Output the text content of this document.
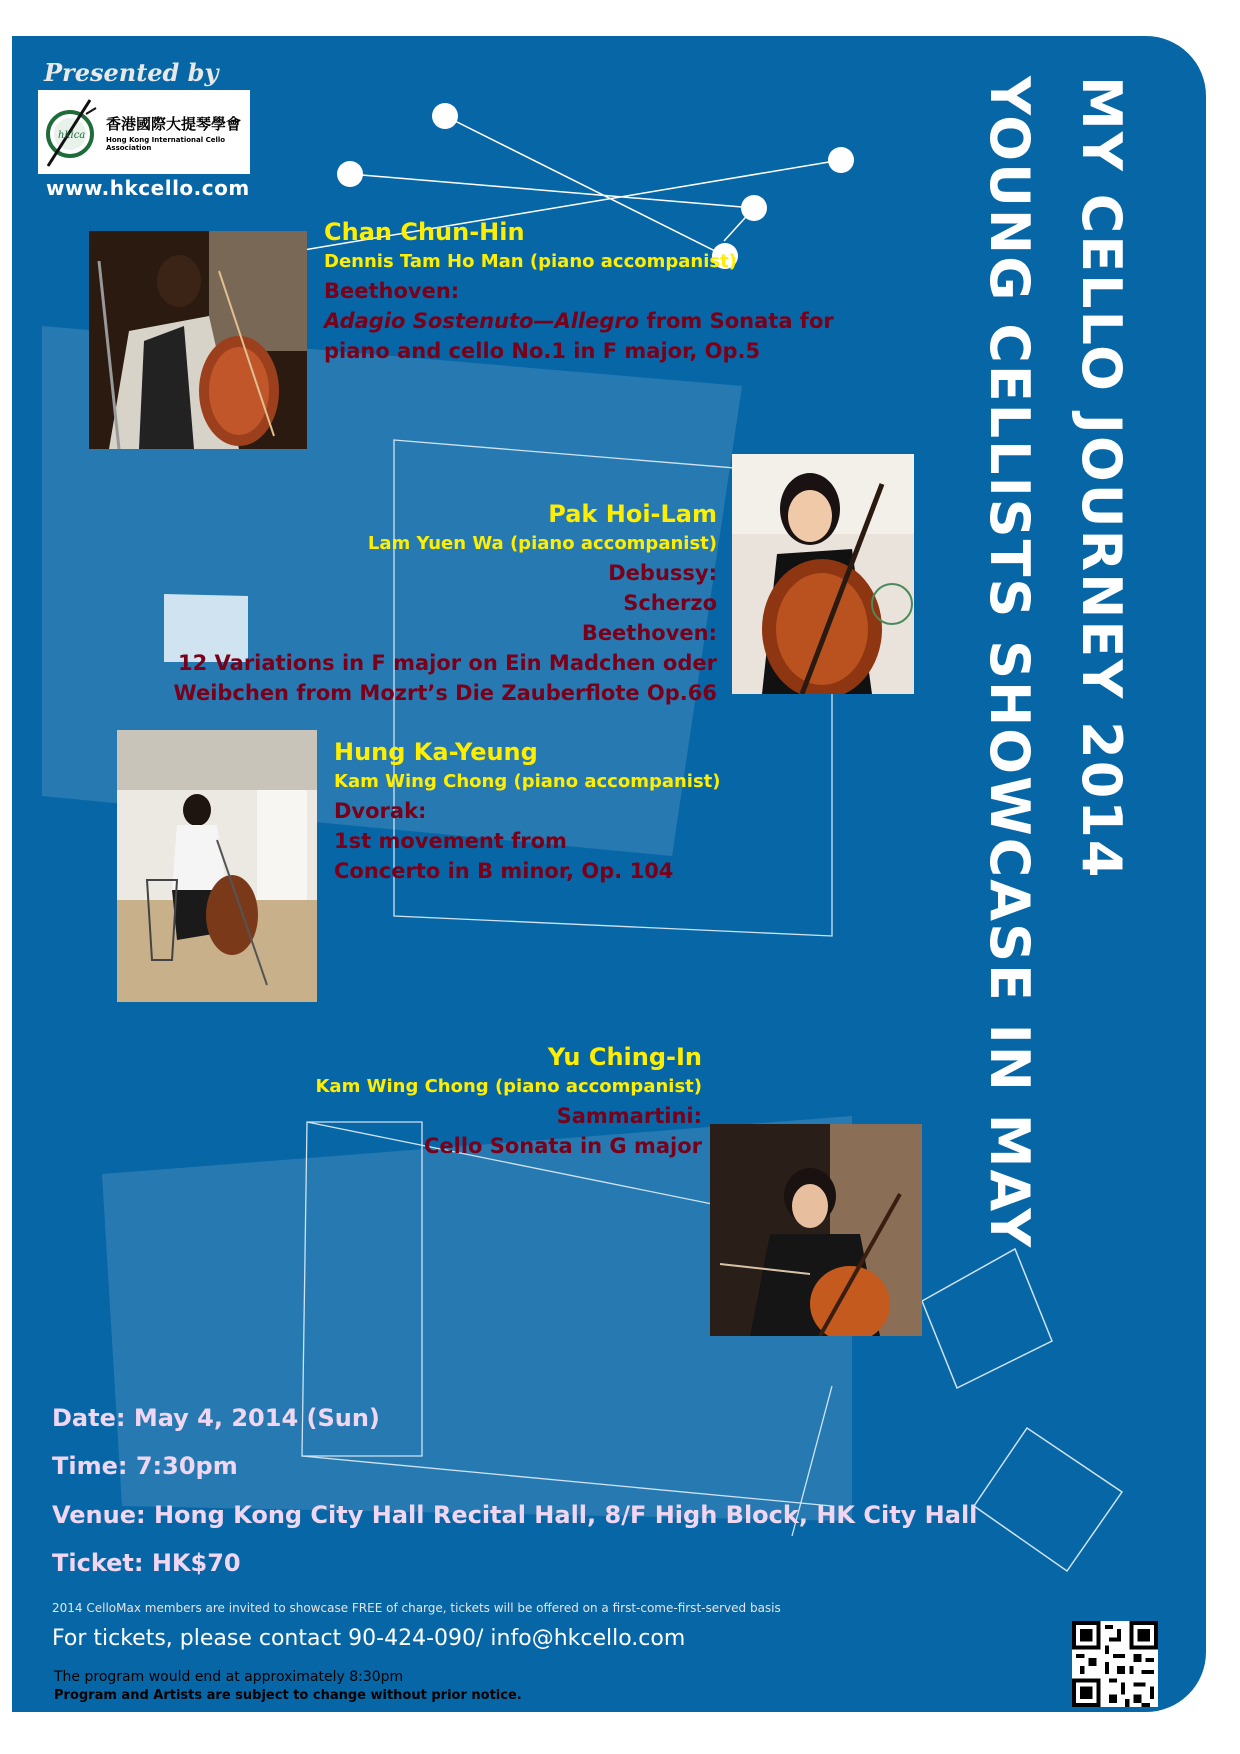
Presented by
hkica
香港國際大提琴學會
Hong Kong International Cello Association
www.hkcello.com	MY CELLO JOURNEY 2014
YOUNG CELLISTS SHOWCASE IN MAY
Chan Chun-Hin
Dennis Tam Ho Man (piano accompanist)
Beethoven:
Adagio Sostenuto—Allegro from Sonata for
piano and cello No.1 in F major, Op.5
Pak Hoi-Lam
Lam Yuen Wa (piano accompanist)
Debussy:
Scherzo
Beethoven:
12 Variations in F major on Ein Madchen oder
Weibchen from Mozrt’s Die Zauberflote Op.66
Hung Ka-Yeung
Kam Wing Chong (piano accompanist)
Dvorak:
1st movement from
Concerto in B minor, Op. 104
Yu Ching-In
Kam Wing Chong (piano accompanist)
Sammartini:
Cello Sonata in G major
Date: May 4, 2014 (Sun)
Time: 7:30pm
Venue: Hong Kong City Hall Recital Hall, 8/F High Block, HK City Hall
Ticket: HK$70
2014 CelloMax members are invited to showcase FREE of charge, tickets will be offered on a first-come-first-served basis
For tickets, please contact 90-424-090/ info@hkcello.com
The program would end at approximately 8:30pm
Program and Artists are subject to change without prior notice.
